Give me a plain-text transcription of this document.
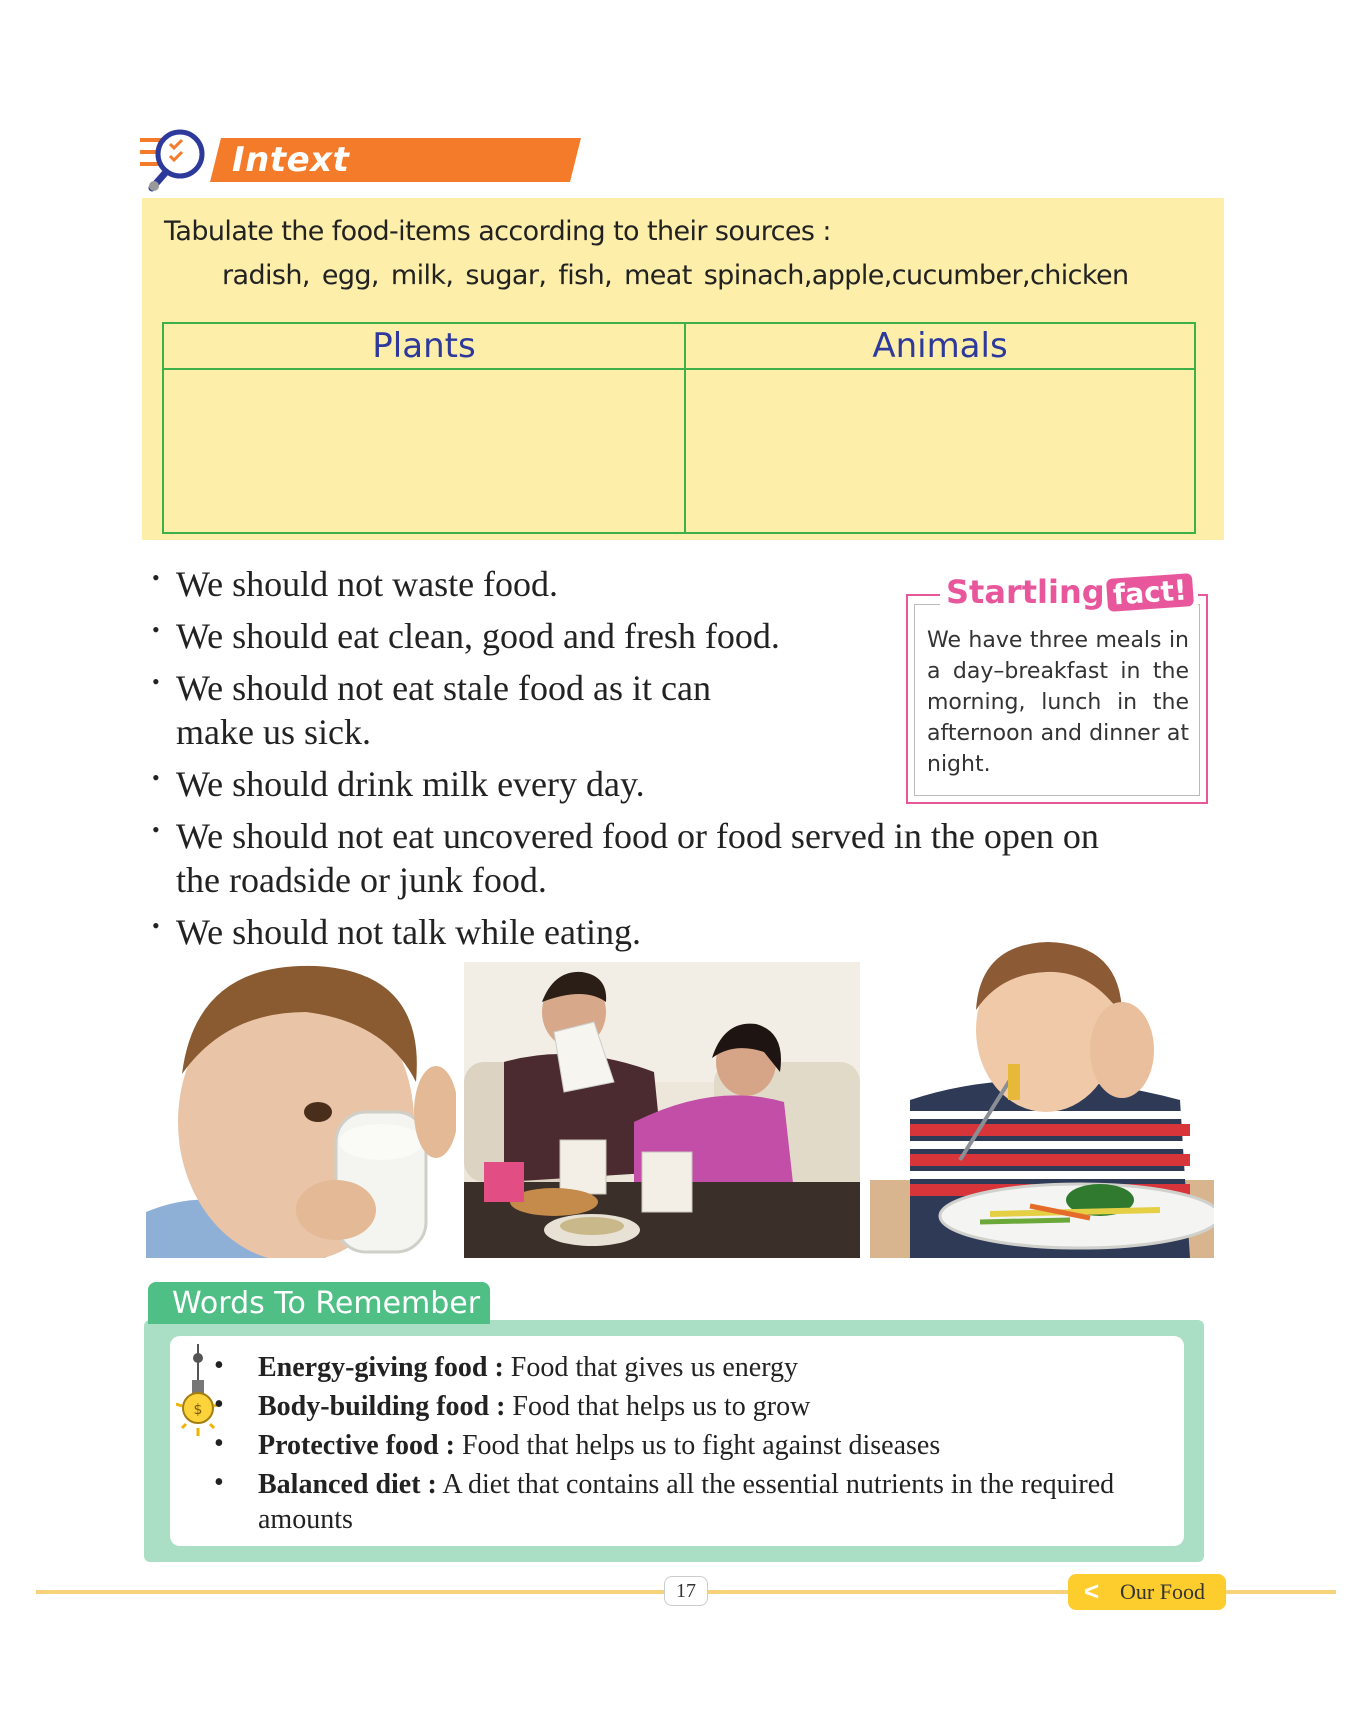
Intext
Tabulate the food-items according to their sources :
radish, egg, milk, sugar, fish, meat spinach,apple,cucumber,chicken
Plants	Animals

• We should not waste food.
• We should eat clean, good and fresh food.
• We should not eat stale food as it can
make us sick.
• We should drink milk every day.
• We should not eat uncovered food or food served in the open on
the roadside or junk food.
• We should not talk while eating.
We have three meals in a day–breakfast in the morning, lunch in the afternoon and dinner at night.
Startling fact!
$
• Energy-giving food : Food that gives us energy
• Body-building food : Food that helps us to grow
• Protective food : Food that helps us to fight against diseases
• Balanced diet : A diet that contains all the essential nutrients in the required amounts
Words To Remember
17	< Our Food
